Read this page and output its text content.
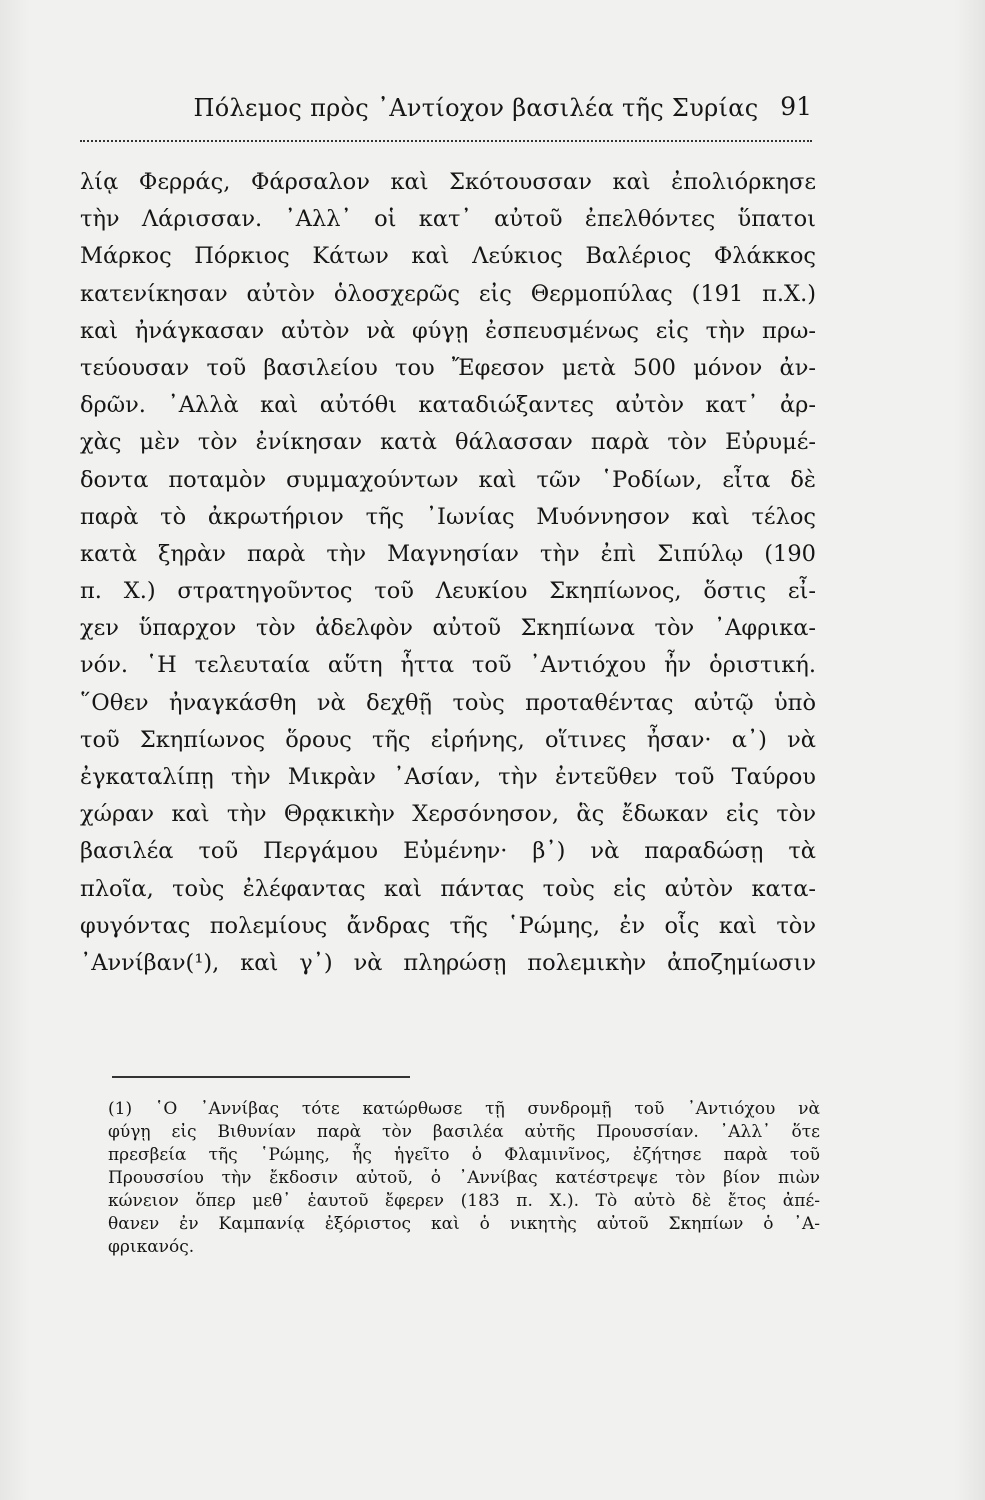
Πόλεμος πρὸς ᾿Αντίοχον βασιλέα τῆς Συρίας 91
λίᾳ Φερράς, Φάρσαλον καὶ Σκότουσσαν καὶ ἐπολιόρκησε
τὴν Λάρισσαν. ᾿Αλλ᾿ οἱ κατ᾿ αὐτοῦ ἐπελθόντες ὕπατοι
Μάρκος Πόρκιος Κάτων καὶ Λεύκιος Βαλέριος Φλάκκος
κατενίκησαν αὐτὸν ὁλοσχερῶς εἰς Θερμοπύλας (191 π.Χ.)
καὶ ἠνάγκασαν αὐτὸν νὰ φύγῃ ἐσπευσμένως εἰς τὴν πρω-
τεύουσαν τοῦ βασιλείου του Ἔφεσον μετὰ 500 μόνον ἀν-
δρῶν. ᾿Αλλὰ καὶ αὐτόθι καταδιώξαντες αὐτὸν κατ᾿ ἀρ-
χὰς μὲν τὸν ἐνίκησαν κατὰ θάλασσαν παρὰ τὸν Εὐρυμέ-
δοντα ποταμὸν συμμαχούντων καὶ τῶν ῾Ροδίων, εἶτα δὲ
παρὰ τὸ ἀκρωτήριον τῆς ᾿Ιωνίας Μυόννησον καὶ τέλος
κατὰ ξηρὰν παρὰ τὴν Μαγνησίαν τὴν ἐπὶ Σιπύλῳ (190
π. Χ.) στρατηγοῦντος τοῦ Λευκίου Σκηπίωνος, ὅστις εἶ-
χεν ὕπαρχον τὸν ἀδελφὸν αὐτοῦ Σκηπίωνα τὸν ᾿Αφρικα-
νόν. ῾Η τελευταία αὕτη ἧττα τοῦ ᾿Αντιόχου ἦν ὁριστική.
῞Οθεν ἠναγκάσθη νὰ δεχθῇ τοὺς προταθέντας αὐτῷ ὑπὸ
τοῦ Σκηπίωνος ὅρους τῆς εἰρήνης, οἵτινες ἦσαν· α᾿) νὰ
ἐγκαταλίπῃ τὴν Μικρὰν ᾿Ασίαν, τὴν ἐντεῦθεν τοῦ Ταύρου
χώραν καὶ τὴν Θρᾳκικὴν Χερσόνησον, ἃς ἔδωκαν εἰς τὸν
βασιλέα τοῦ Περγάμου Εὐμένην· β᾿) νὰ παραδώσῃ τὰ
πλοῖα, τοὺς ἐλέφαντας καὶ πάντας τοὺς εἰς αὐτὸν κατα-
φυγόντας πολεμίους ἄνδρας τῆς ῾Ρώμης, ἐν οἷς καὶ τὸν
᾿Αννίβαν(¹), καὶ γ᾿) νὰ πληρώσῃ πολεμικὴν ἀποζημίωσιν
(1) ῾Ο ᾿Αννίβας τότε κατώρθωσε τῇ συνδρομῇ τοῦ ᾿Αντιόχου νὰ
φύγῃ εἰς Βιθυνίαν παρὰ τὸν βασιλέα αὐτῆς Προυσσίαν. ᾿Αλλ᾿ ὅτε
πρεσβεία τῆς ῾Ρώμης, ἧς ἡγεῖτο ὁ Φλαμινῖνος, ἐζήτησε παρὰ τοῦ
Προυσσίου τὴν ἔκδοσιν αὐτοῦ, ὁ ᾿Αννίβας κατέστρεψε τὸν βίον πιὼν
κώνειον ὅπερ μεθ᾿ ἑαυτοῦ ἔφερεν (183 π. Χ.). Τὸ αὐτὸ δὲ ἔτος ἀπέ-
θανεν ἐν Καμπανίᾳ ἐξόριστος καὶ ὁ νικητὴς αὐτοῦ Σκηπίων ὁ ᾿Α-
φρικανός.
